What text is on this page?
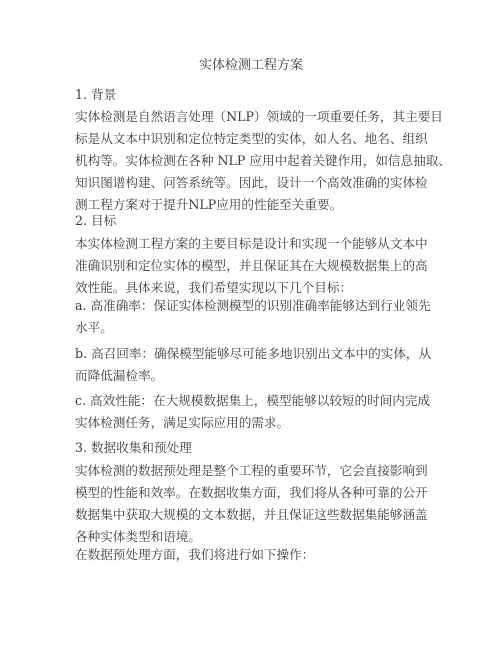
实体检测工程方案
1. 背景
实体检测是自然语言处理（NLP）领域的一项重要任务，其主要目
标是从文本中识别和定位特定类型的实体，如人名、地名、组织
机构等。实体检测在各种 NLP 应用中起着关键作用，如信息抽取、
知识图谱构建、问答系统等。因此，设计一个高效准确的实体检
测工程方案对于提升NLP应用的性能至关重要。
2. 目标
本实体检测工程方案的主要目标是设计和实现一个能够从文本中
准确识别和定位实体的模型，并且保证其在大规模数据集上的高
效性能。具体来说，我们希望实现以下几个目标：
a. 高准确率：保证实体检测模型的识别准确率能够达到行业领先
水平。
b. 高召回率：确保模型能够尽可能多地识别出文本中的实体，从
而降低漏检率。
c. 高效性能：在大规模数据集上，模型能够以较短的时间内完成
实体检测任务，满足实际应用的需求。
3. 数据收集和预处理
实体检测的数据预处理是整个工程的重要环节，它会直接影响到
模型的性能和效率。在数据收集方面，我们将从各种可靠的公开
数据集中获取大规模的文本数据，并且保证这些数据集能够涵盖
各种实体类型和语境。
在数据预处理方面，我们将进行如下操作：
